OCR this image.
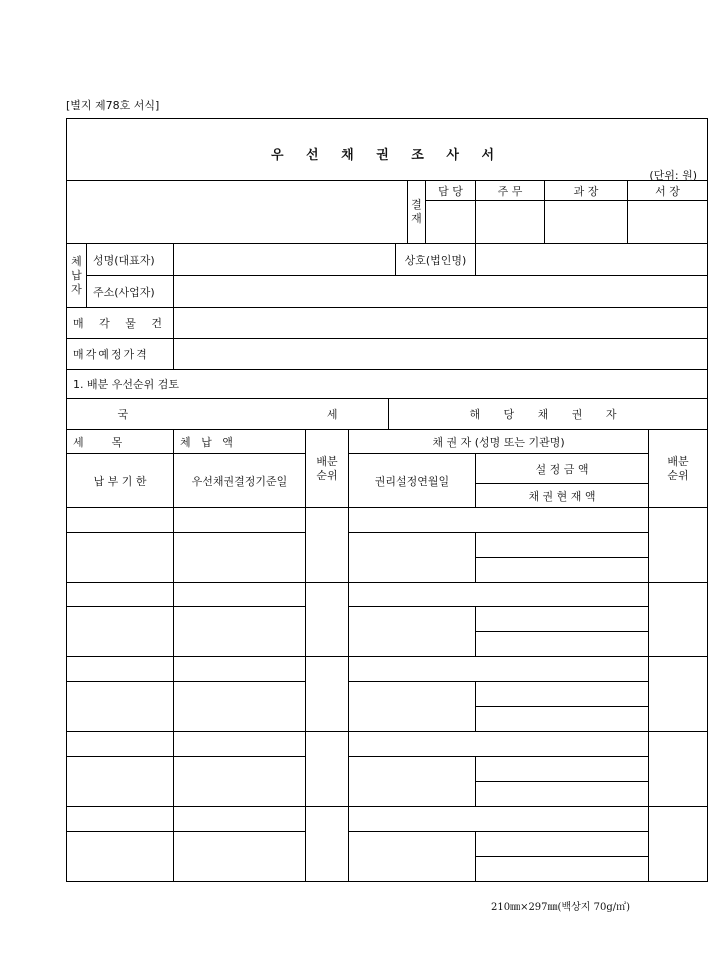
[별지 제78호 서식]
우 선 채 권 조 사 서
(단위: 원)												

							결재	담 당	주 무	과 장	서 장	

체납자	성명(대표자)					상호(법인명)						
	주소(사업자)											
매 각 물 건												
매각예정가격												
1. 배분 우선순위 검토												
국 세					해 당 채 권 자							
세        목		체   납   액	배분 순위	채 권 자 (성명 또는 기관명)								배분 순위
납 부 기 한		우선채권결정기준일		권리설정연월일					설 정 금 액			
									채 권 현 재 액			

210㎜×297㎜(백상지 70g/㎡)
